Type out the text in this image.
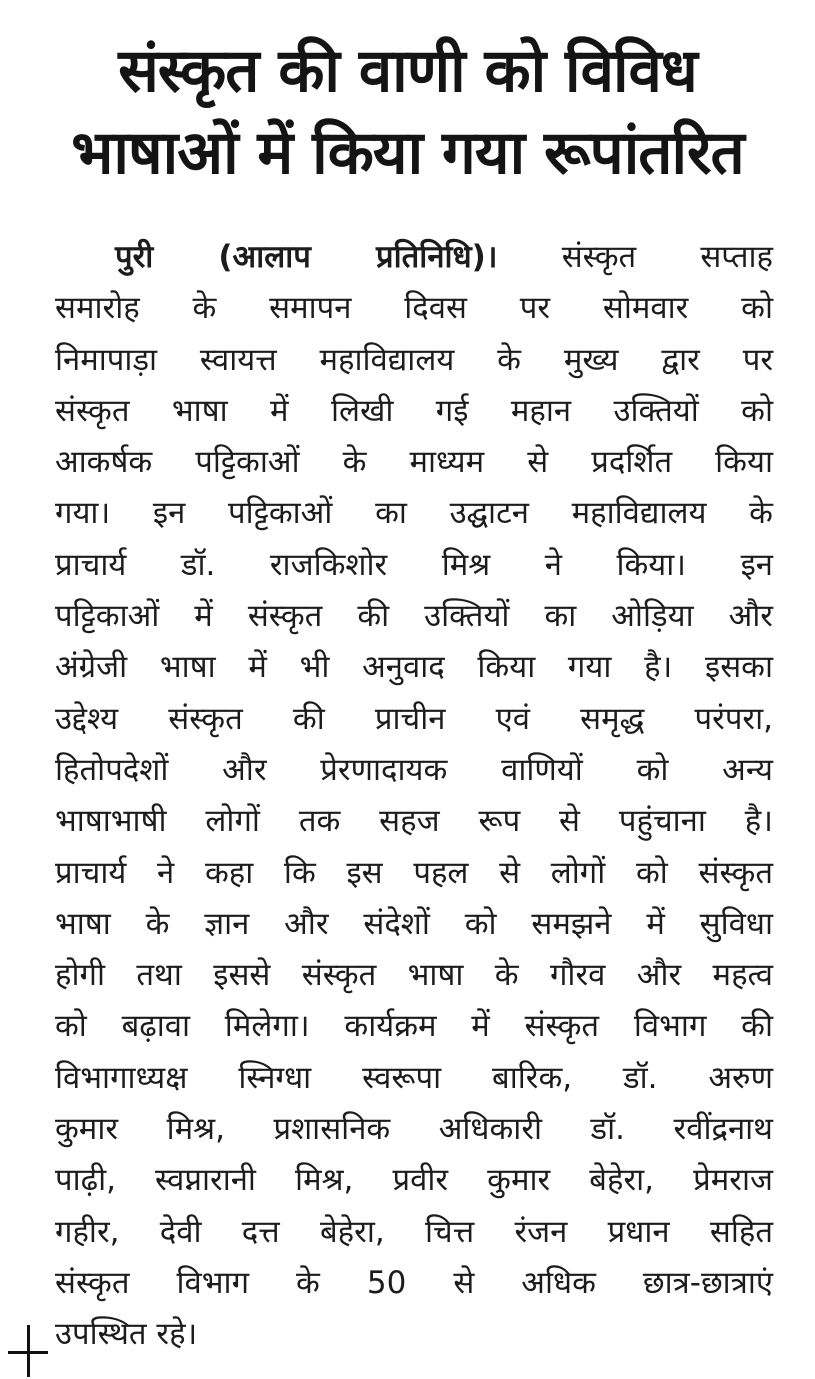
संस्कृत की वाणी को विविध
भाषाओं में किया गया रूपांतरित
पुरी (आलाप प्रतिनिधि)। संस्कृत सप्ताह
समारोह के समापन दिवस पर सोमवार को
निमापाड़ा स्वायत्त महाविद्यालय के मुख्य द्वार पर
संस्कृत भाषा में लिखी गई महान उक्तियों को
आकर्षक पट्टिकाओं के माध्यम से प्रदर्शित किया
गया। इन पट्टिकाओं का उद्घाटन महाविद्यालय के
प्राचार्य डॉ. राजकिशोर मिश्र ने किया। इन
पट्टिकाओं में संस्कृत की उक्तियों का ओड़िया और
अंग्रेजी भाषा में भी अनुवाद किया गया है। इसका
उद्देश्य संस्कृत की प्राचीन एवं समृद्ध परंपरा,
हितोपदेशों और प्रेरणादायक वाणियों को अन्य
भाषाभाषी लोगों तक सहज रूप से पहुंचाना है।
प्राचार्य ने कहा कि इस पहल से लोगों को संस्कृत
भाषा के ज्ञान और संदेशों को समझने में सुविधा
होगी तथा इससे संस्कृत भाषा के गौरव और महत्व
को बढ़ावा मिलेगा। कार्यक्रम में संस्कृत विभाग की
विभागाध्यक्ष स्निग्धा स्वरूपा बारिक, डॉ. अरुण
कुमार मिश्र, प्रशासनिक अधिकारी डॉ. रवींद्रनाथ
पाढ़ी, स्वप्नारानी मिश्र, प्रवीर कुमार बेहेरा, प्रेमराज
गहीर, देवी दत्त बेहेरा, चित्त रंजन प्रधान सहित
संस्कृत विभाग के 50 से अधिक छात्र-छात्राएं
उपस्थित रहे।
